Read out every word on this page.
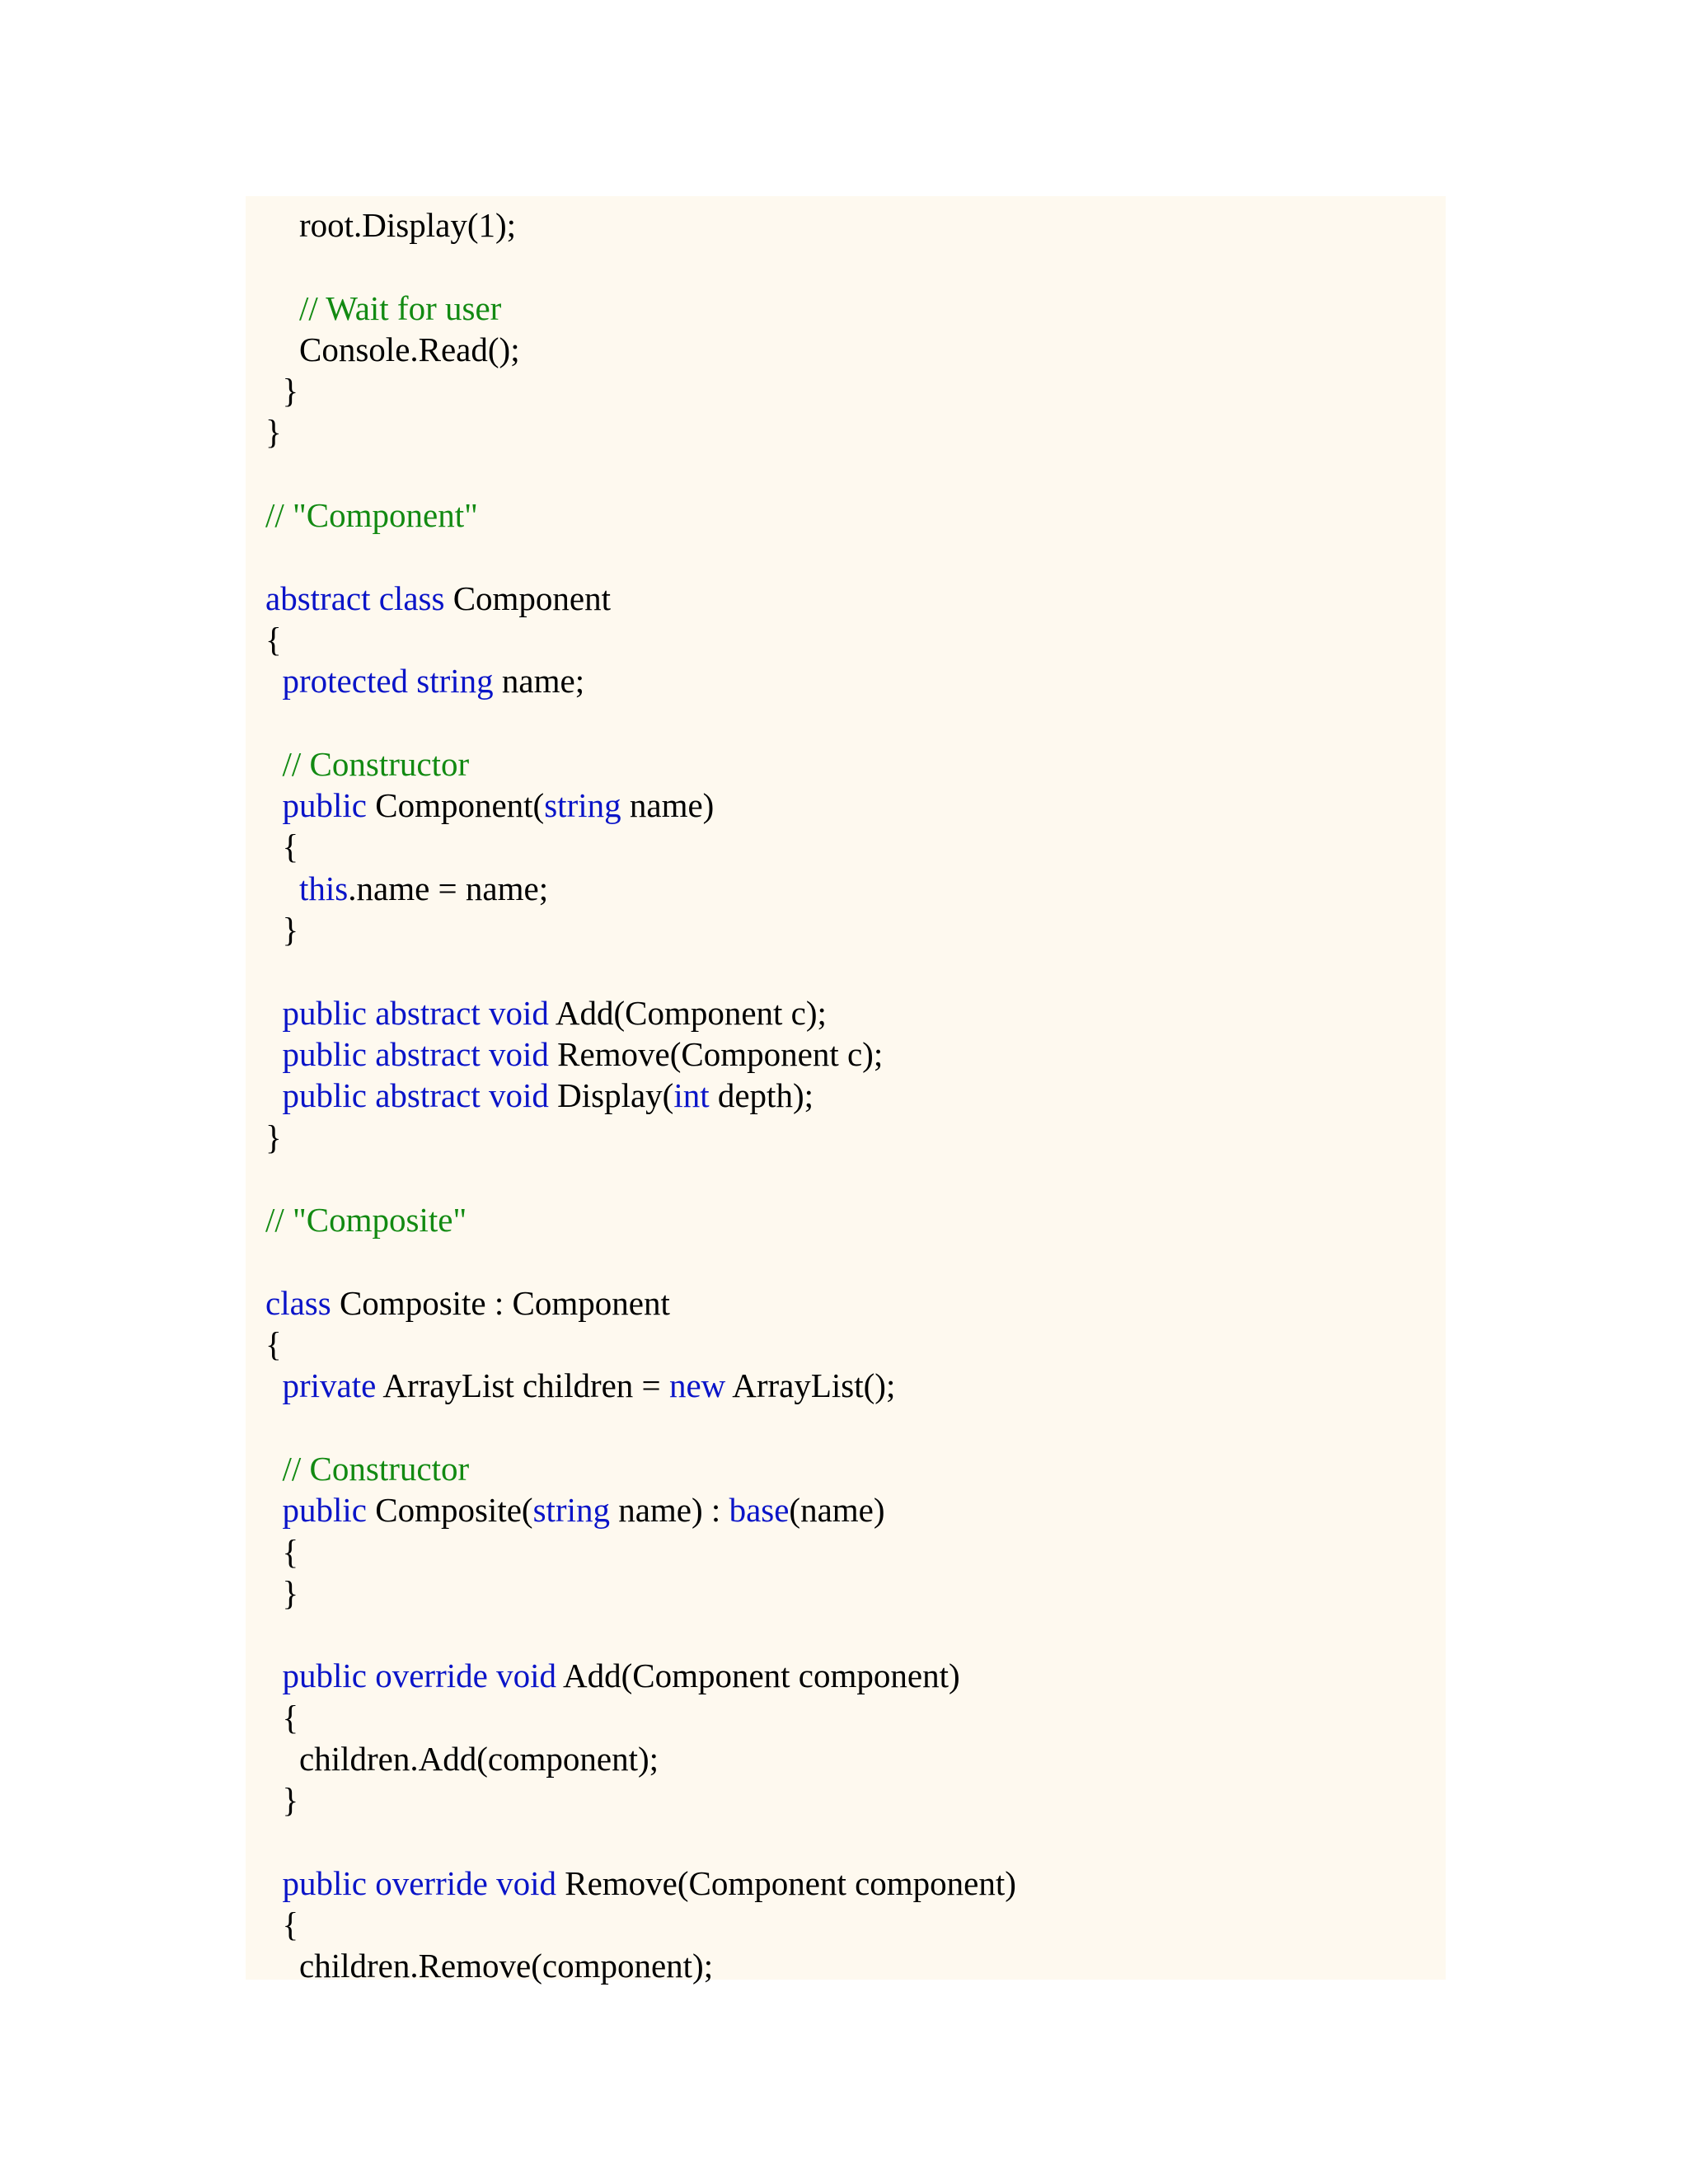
root.Display(1);
// Wait for user
Console.Read();
}
}
// "Component"
abstract class Component
{
protected string name;
// Constructor
public Component(string name)
{
this.name = name;
}
public abstract void Add(Component c);
public abstract void Remove(Component c);
public abstract void Display(int depth);
}
// "Composite"
class Composite : Component
{
private ArrayList children = new ArrayList();
// Constructor
public Composite(string name) : base(name)
{
}
public override void Add(Component component)
{
children.Add(component);
}
public override void Remove(Component component)
{
children.Remove(component);
